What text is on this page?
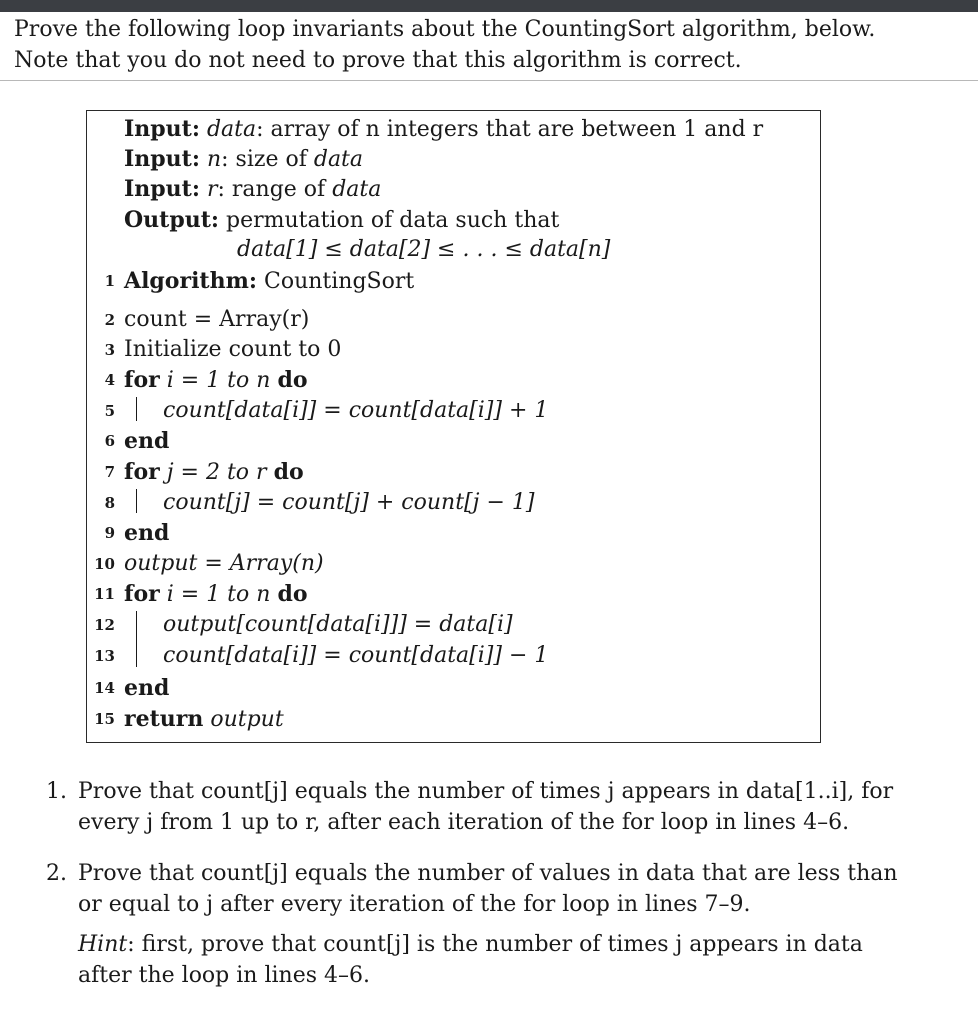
Prove the following loop invariants about the CountingSort algorithm, below.
Note that you do not need to prove that this algorithm is correct.
Input: data: array of n integers that are between 1 and r
Input: n: size of data
Input: r: range of data
Output: permutation of data such that
data[1] ≤ data[2] ≤ . . . ≤ data[n]
1 Algorithm: CountingSort
2 count = Array(r)
3 Initialize count to 0
4 for i = 1 to n do
5 count[data[i]] = count[data[i]] + 1
6 end
7 for j = 2 to r do
8 count[j] = count[j] + count[j − 1]
9 end
10 output = Array(n)
11 for i = 1 to n do
12 output[count[data[i]]] = data[i]
13 count[data[i]] = count[data[i]] − 1
14 end
15 return output
1. Prove that count[j] equals the number of times j appears in data[1..i], for
every j from 1 up to r, after each iteration of the for loop in lines 4–6.
2. Prove that count[j] equals the number of values in data that are less than
or equal to j after every iteration of the for loop in lines 7–9.
Hint: first, prove that count[j] is the number of times j appears in data
after the loop in lines 4–6.
